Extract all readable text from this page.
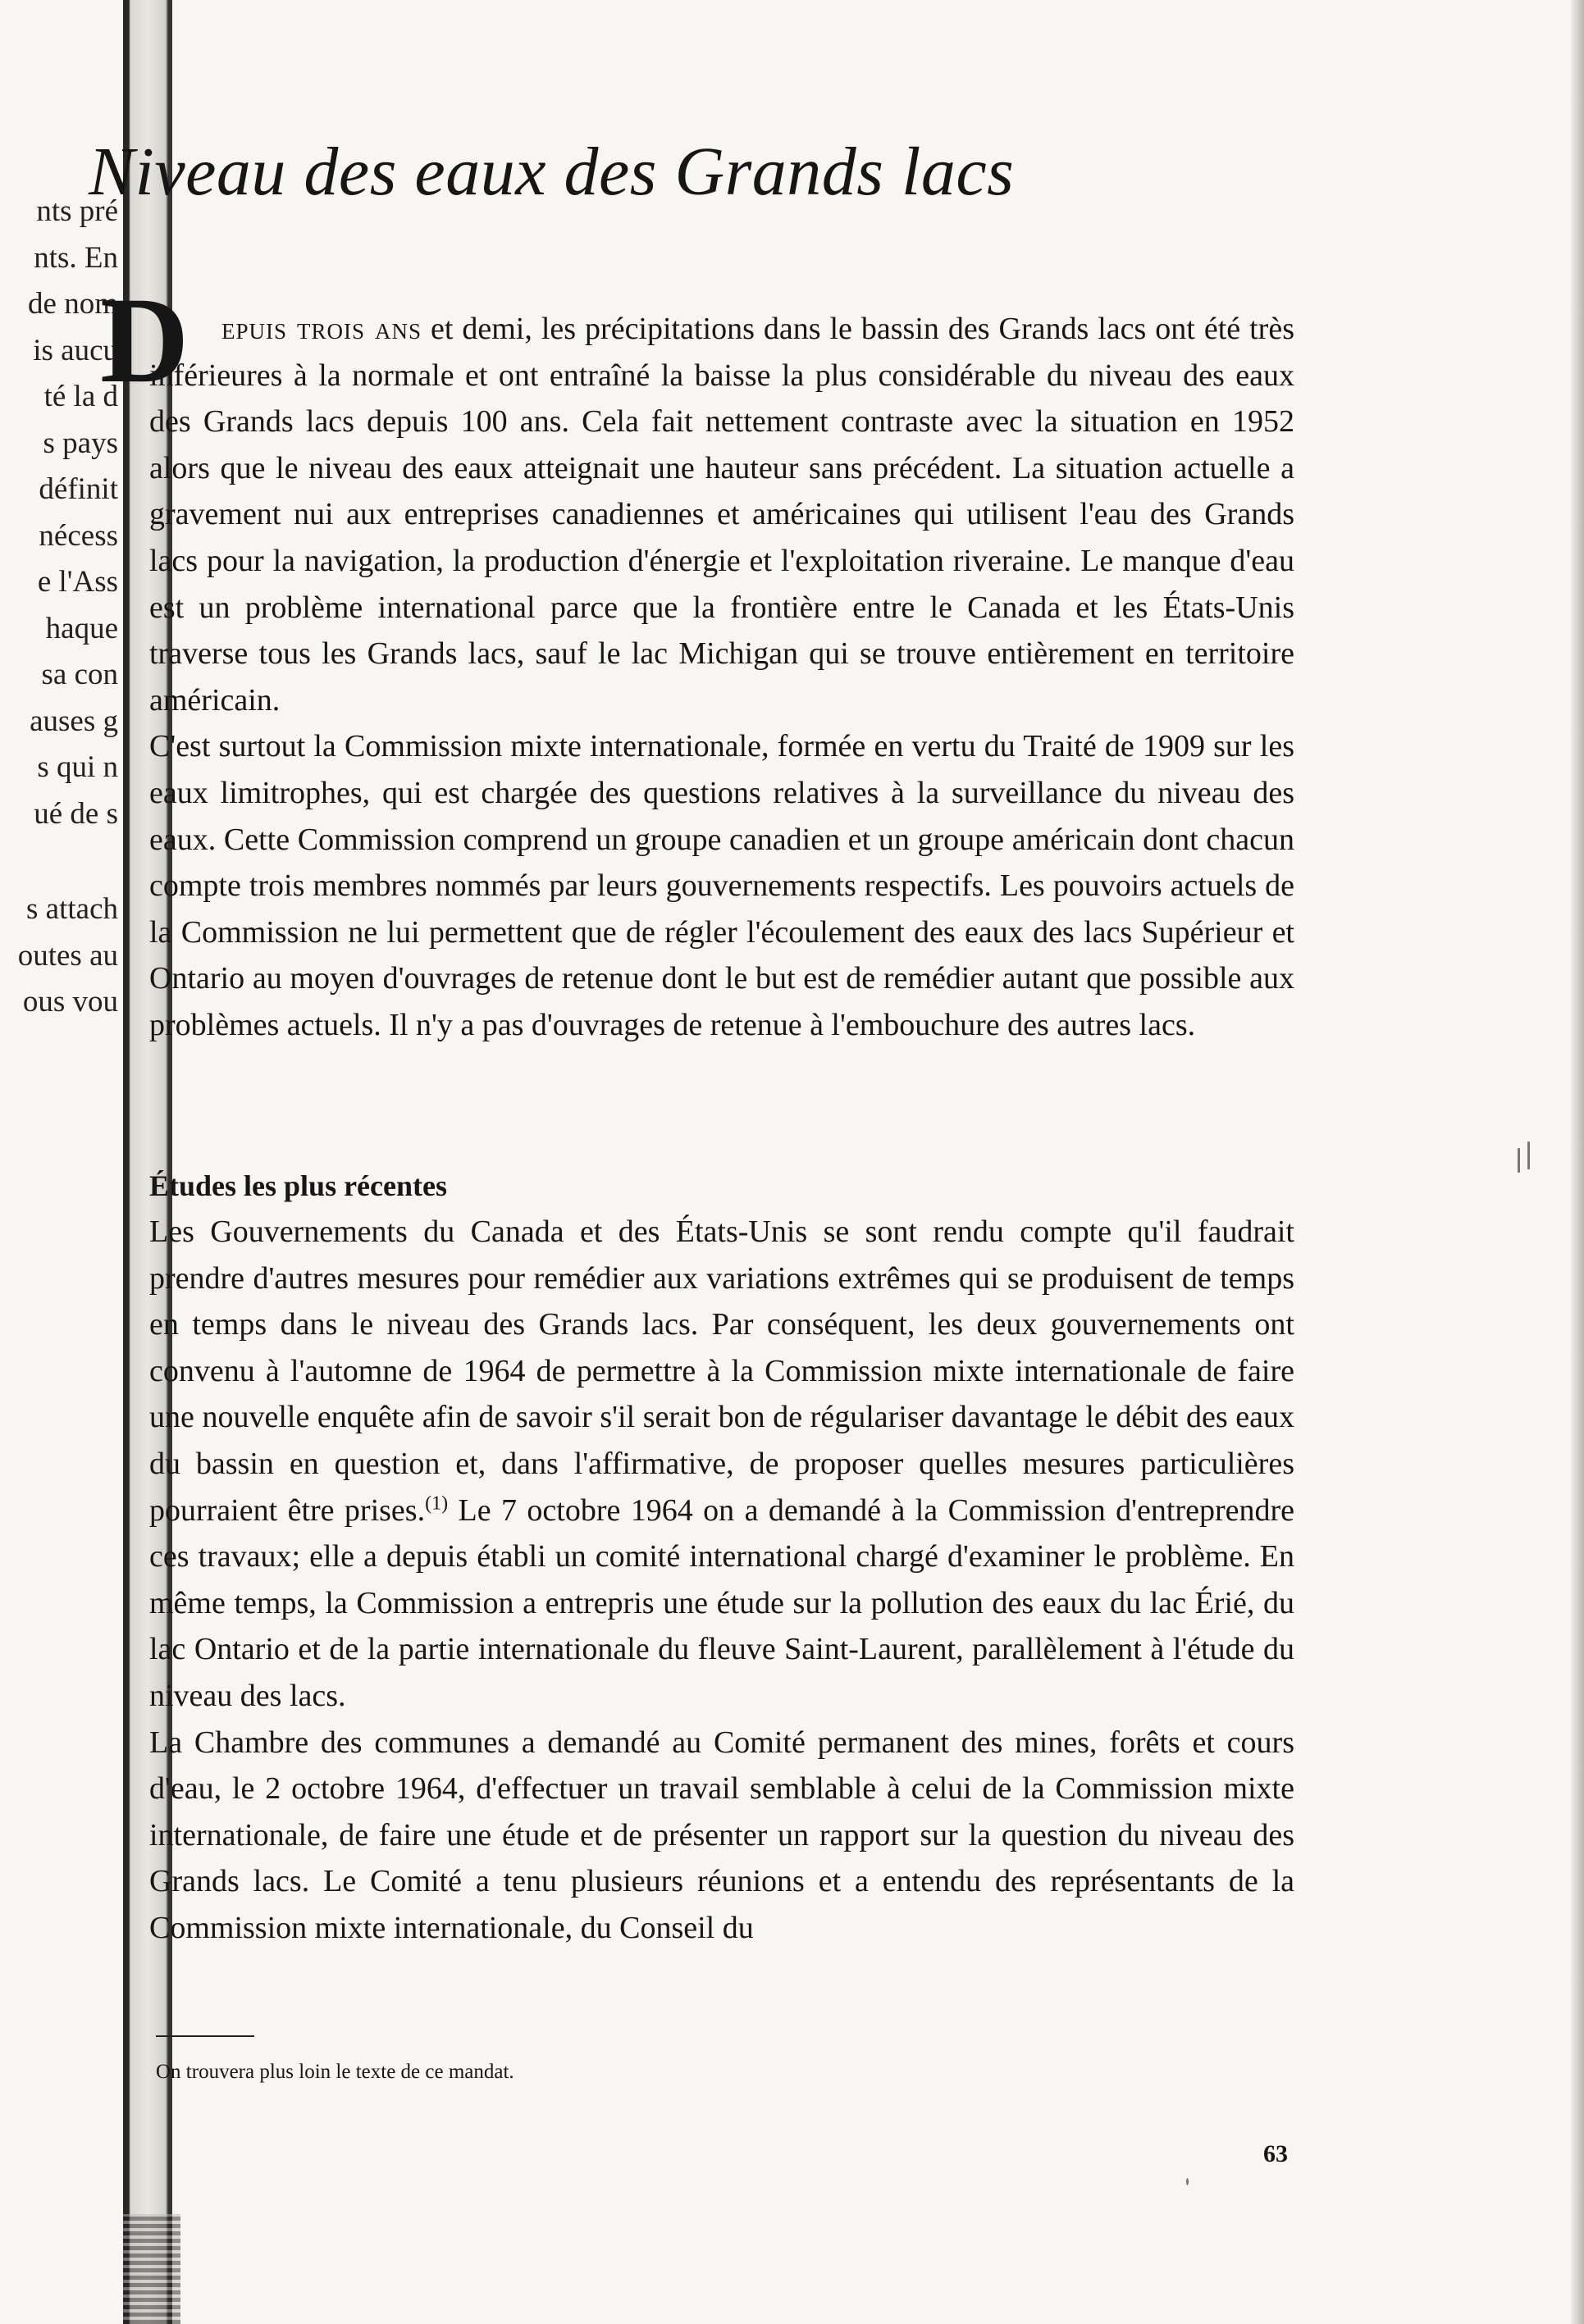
nts pré
nts. En
de nom
is aucu
té la d
s pays
définit
nécess
e l'Ass
haque
sa con
auses g
s qui n
ué de s
s attach
outes au
ous vou
Niveau des eaux des Grands lacs

epuis trois ans et demi, les précipitations dans le bassin des Grands lacs ont été très inférieures à la normale et ont entraîné la baisse la plus considérable du niveau des eaux des Grands lacs depuis 100 ans. Cela fait nettement contraste avec la situation en 1952 alors que le niveau des eaux atteignait une hauteur sans précédent. La situation actuelle a gravement nui aux entreprises canadiennes et américaines qui utilisent l'eau des Grands lacs pour la navigation, la production d'énergie et l'exploitation riveraine. Le manque d'eau est un problème international parce que la frontière entre le Canada et les États-Unis traverse tous les Grands lacs, sauf le lac Michigan qui se trouve entièrement en territoire américain.

C'est surtout la Commission mixte internationale, formée en vertu du Traité de 1909 sur les eaux limitrophes, qui est chargée des questions relatives à la surveillance du niveau des eaux. Cette Commission comprend un groupe canadien et un groupe américain dont chacun compte trois membres nommés par leurs gouvernements respectifs. Les pouvoirs actuels de la Commission ne lui permettent que de régler l'écoulement des eaux des lacs Supérieur et Ontario au moyen d'ouvrages de retenue dont le but est de remédier autant que possible aux problèmes actuels. Il n'y a pas d'ouvrages de retenue à l'embouchure des autres lacs.

D
Études les plus récentes

Les Gouvernements du Canada et des États-Unis se sont rendu compte qu'il faudrait prendre d'autres mesures pour remédier aux variations extrêmes qui se produisent de temps en temps dans le niveau des Grands lacs. Par conséquent, les deux gouvernements ont convenu à l'automne de 1964 de permettre à la Commission mixte internationale de faire une nouvelle enquête afin de savoir s'il serait bon de régulariser davantage le débit des eaux du bassin en question et, dans l'affirmative, de proposer quelles mesures particulières pourraient être prises.$^{(1)}$ Le 7 octobre 1964 on a demandé à la Commission d'entreprendre ces travaux; elle a depuis établi un comité international chargé d'examiner le problème. En même temps, la Commission a entrepris une étude sur la pollution des eaux du lac Érié, du lac Ontario et de la partie internationale du fleuve Saint-Laurent, parallèlement à l'étude du niveau des lacs.

La Chambre des communes a demandé au Comité permanent des mines, forêts et cours d'eau, le 2 octobre 1964, d'effectuer un travail semblable à celui de la Commission mixte internationale, de faire une étude et de présenter un rapport sur la question du niveau des Grands lacs. Le Comité a tenu plusieurs réunions et a entendu des représentants de la Commission mixte internationale, du Conseil du

On trouvera plus loin le texte de ce mandat.

63
